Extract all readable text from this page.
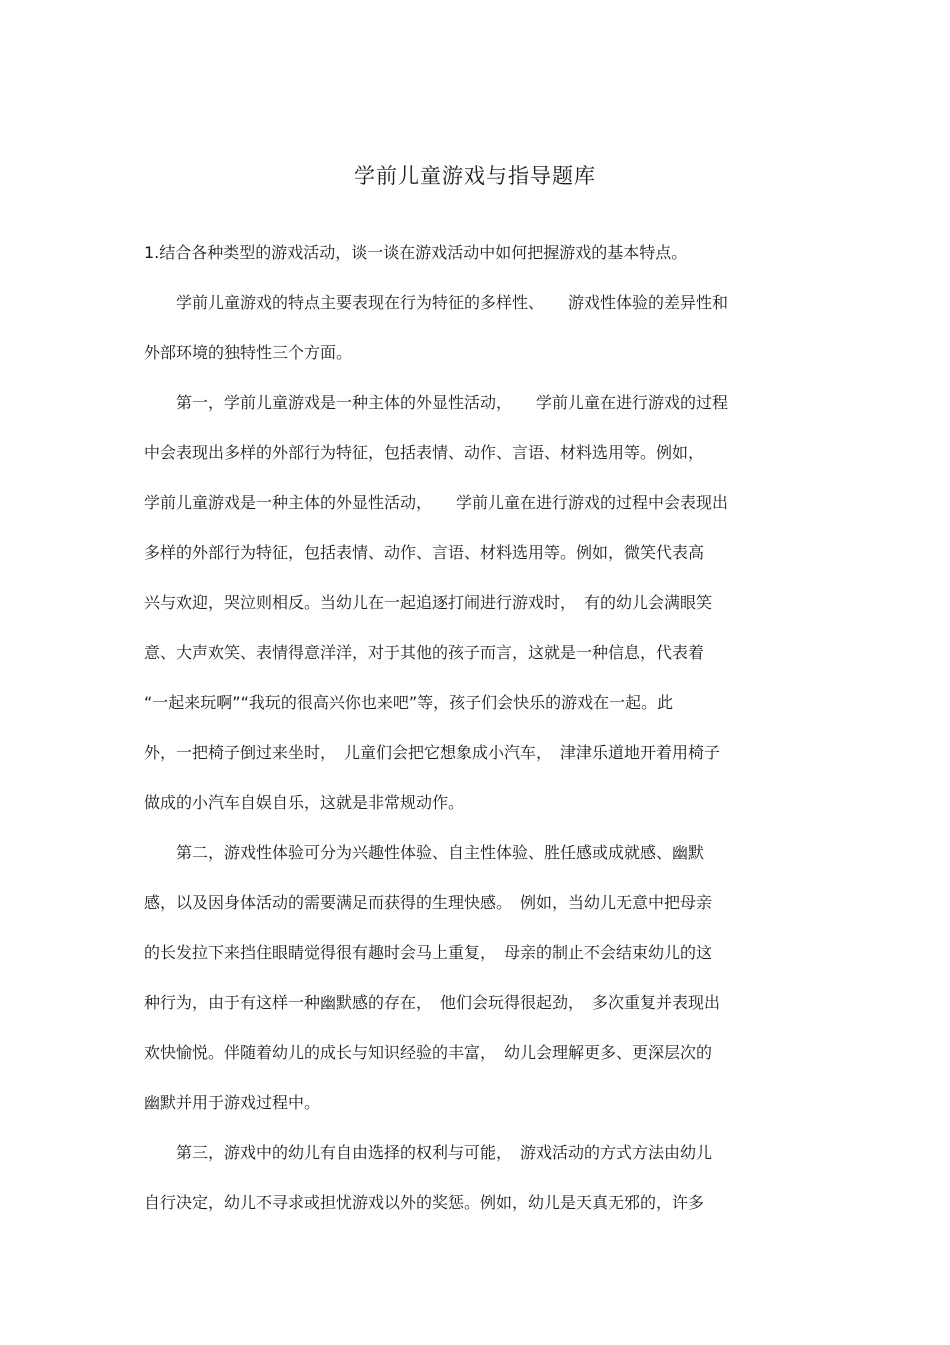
学前儿童游戏与指导题库
1.结合各种类型的游戏活动，谈一谈在游戏活动中如何把握游戏的基本特点。
　　学前儿童游戏的特点主要表现在行为特征的多样性、　　游戏性体验的差异性和
外部环境的独特性三个方面。
　　第一，学前儿童游戏是一种主体的外显性活动，　　学前儿童在进行游戏的过程
中会表现出多样的外部行为特征，包括表情、动作、言语、材料选用等。例如，
学前儿童游戏是一种主体的外显性活动，　　学前儿童在进行游戏的过程中会表现出
多样的外部行为特征，包括表情、动作、言语、材料选用等。例如，微笑代表高
兴与欢迎，哭泣则相反。当幼儿在一起追逐打闹进行游戏时，　有的幼儿会满眼笑
意、大声欢笑、表情得意洋洋，对于其他的孩子而言，这就是一种信息，代表着
“一起来玩啊”“我玩的很高兴你也来吧”等，孩子们会快乐的游戏在一起。此
外，一把椅子倒过来坐时，　儿童们会把它想象成小汽车，　津津乐道地开着用椅子
做成的小汽车自娱自乐，这就是非常规动作。
　　第二，游戏性体验可分为兴趣性体验、自主性体验、胜任感或成就感、幽默
感，以及因身体活动的需要满足而获得的生理快感。　例如，当幼儿无意中把母亲
的长发拉下来挡住眼睛觉得很有趣时会马上重复，　母亲的制止不会结束幼儿的这
种行为，由于有这样一种幽默感的存在，　他们会玩得很起劲，　多次重复并表现出
欢快愉悦。伴随着幼儿的成长与知识经验的丰富，　幼儿会理解更多、更深层次的
幽默并用于游戏过程中。
　　第三，游戏中的幼儿有自由选择的权利与可能，　游戏活动的方式方法由幼儿
自行决定，幼儿不寻求或担忧游戏以外的奖惩。例如，幼儿是天真无邪的，许多
